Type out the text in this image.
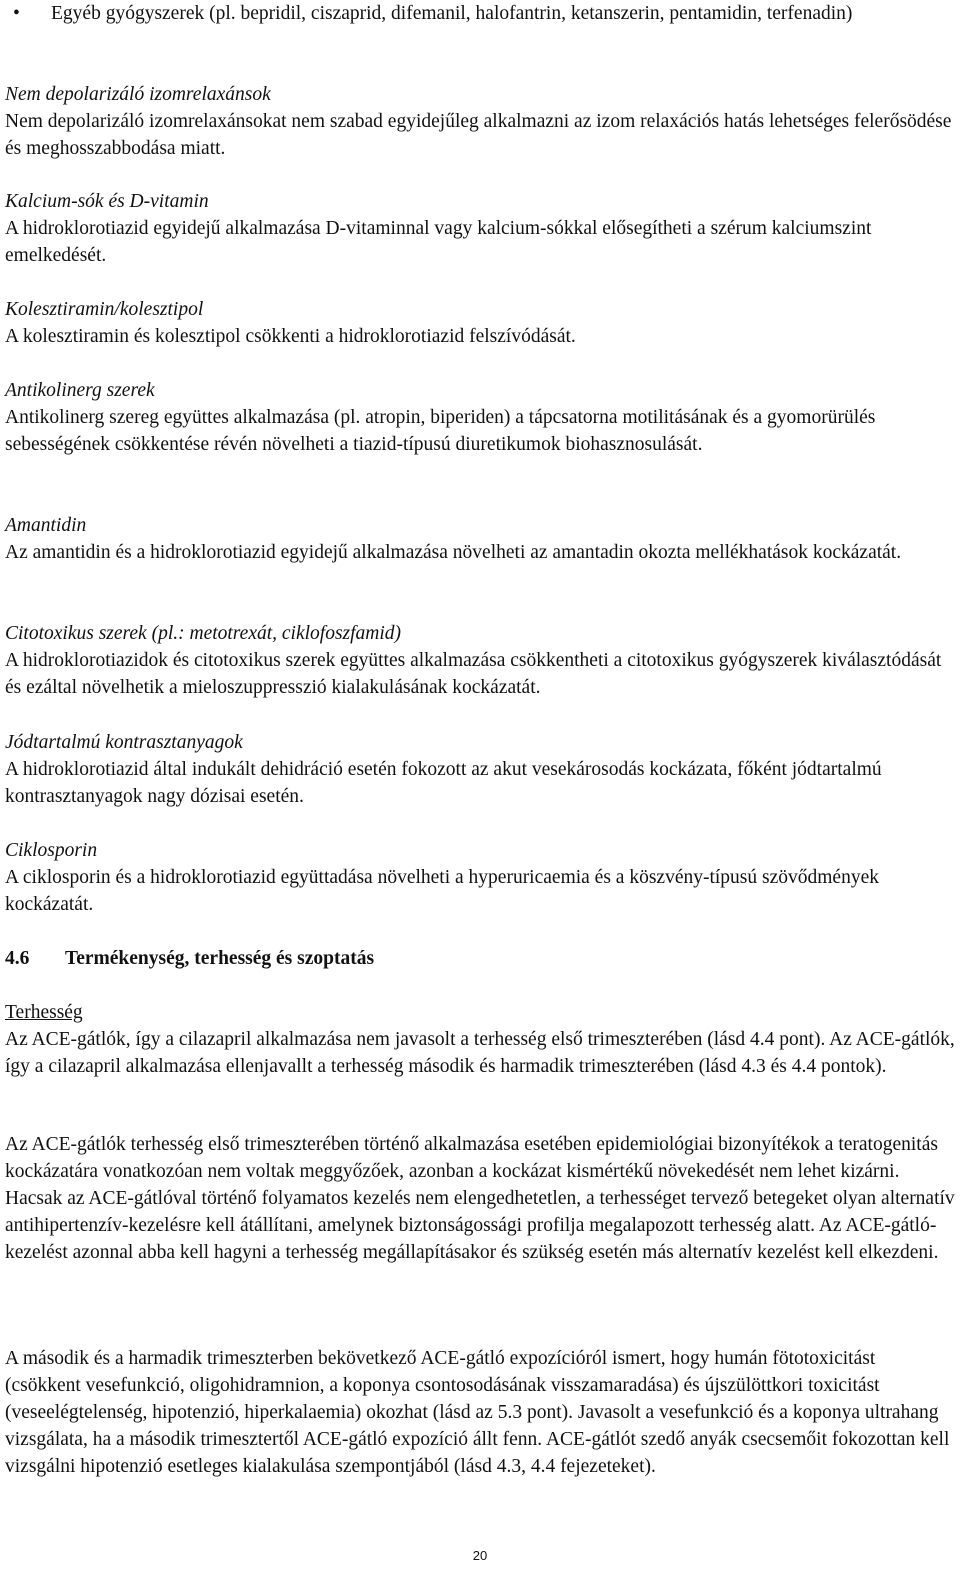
• Egyéb gyógyszerek (pl. bepridil, ciszaprid, difemanil, halofantrin, ketanszerin, pentamidin, terfenadin)

Nem depolarizáló izomrelaxánsok

Nem depolarizáló izomrelaxánsokat nem szabad egyidejűleg alkalmazni az izom relaxációs hatás lehetséges felerősödése és meghosszabbodása miatt.

Kalcium-sók és D-vitamin

A hidroklorotiazid egyidejű alkalmazása D-vitaminnal vagy kalcium-sókkal elősegítheti a szérum kalciumszint emelkedését.

Kolesztiramin/kolesztipol

A kolesztiramin és kolesztipol csökkenti a hidroklorotiazid felszívódását.

Antikolinerg szerek

Antikolinerg szereg együttes alkalmazása (pl. atropin, biperiden) a tápcsatorna motilitásának és a gyomorürülés sebességének csökkentése révén növelheti a tiazid-típusú diuretikumok biohasznosulását.

Amantidin

Az amantidin és a hidroklorotiazid egyidejű alkalmazása növelheti az amantadin okozta mellékhatások kockázatát.

Citotoxikus szerek (pl.: metotrexát, ciklofoszfamid)

A hidroklorotiazidok és citotoxikus szerek együttes alkalmazása csökkentheti a citotoxikus gyógyszerek kiválasztódását és ezáltal növelhetik a mieloszuppresszió kialakulásának kockázatát.

Jódtartalmú kontrasztanyagok

A hidroklorotiazid által indukált dehidráció esetén fokozott az akut vesekárosodás kockázata, főként jódtartalmú kontrasztanyagok nagy dózisai esetén.

Ciklosporin

A ciklosporin és a hidroklorotiazid együttadása növelheti a hyperuricaemia és a köszvény-típusú szövődmények kockázatát.

4.6 Termékenység, terhesség és szoptatás

Terhesség

Az ACE-gátlók, így a cilazapril alkalmazása nem javasolt a terhesség első trimeszterében (lásd 4.4 pont). Az ACE-gátlók, így a cilazapril alkalmazása ellenjavallt a terhesség második és harmadik trimeszterében (lásd 4.3 és 4.4 pontok).

Az ACE-gátlók terhesség első trimeszterében történő alkalmazása esetében epidemiológiai bizonyítékok a teratogenitás kockázatára vonatkozóan nem voltak meggyőzőek, azonban a kockázat kismértékű növekedését nem lehet kizárni. Hacsak az ACE-gátlóval történő folyamatos kezelés nem elengedhetetlen, a terhességet tervező betegeket olyan alternatív antihipertenzív-kezelésre kell átállítani, amelynek biztonságossági profilja megalapozott terhesség alatt. Az ACE-gátló-kezelést azonnal abba kell hagyni a terhesség megállapításakor és szükség esetén más alternatív kezelést kell elkezdeni.

A második és a harmadik trimeszterben bekövetkező ACE-gátló expozícióról ismert, hogy humán fötotoxicitást (csökkent vesefunkció, oligohidramnion, a koponya csontosodásának visszamaradása) és újszülöttkori toxicitást (veseelégtelenség, hipotenzió, hiperkalaemia) okozhat (lásd az 5.3 pont). Javasolt a vesefunkció és a koponya ultrahang vizsgálata, ha a második trimesztertől ACE-gátló expozíció állt fenn. ACE-gátlót szedő anyák csecsemőit fokozottan kell vizsgálni hipotenzió esetleges kialakulása szempontjából (lásd 4.3, 4.4 fejezeteket).

20
